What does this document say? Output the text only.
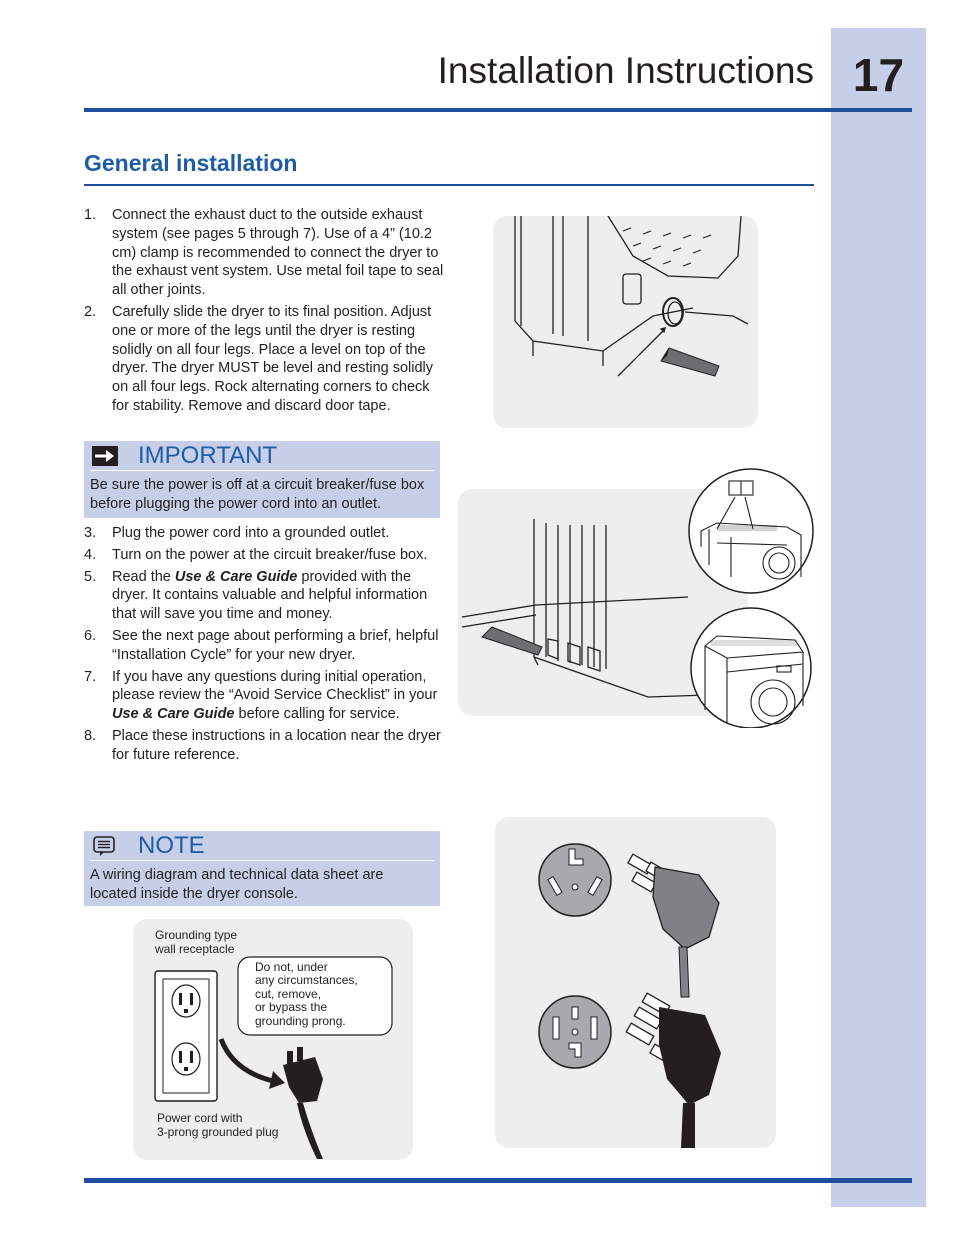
17
Installation Instructions
General installation
1. Connect the exhaust duct to the outside exhaust system (see pages 5 through 7). Use of a 4” (10.2 cm) clamp is recommended to connect the dryer to the exhaust vent system. Use metal foil tape to seal all other joints.
2. Carefully slide the dryer to its final position. Adjust one or more of the legs until the dryer is resting solidly on all four legs. Place a level on top of the dryer. The dryer MUST be level and resting solidly on all four legs. Rock alternating corners to check for stability. Remove and discard door tape.
IMPORTANT
Be sure the power is off at a circuit breaker/fuse box before plugging the power cord into an outlet.
3. Plug the power cord into a grounded outlet.
4. Turn on the power at the circuit breaker/fuse box.
5. Read the Use & Care Guide provided with the dryer. It contains valuable and helpful information that will save you time and money.
6. See the next page about performing a brief, helpful “Installation Cycle” for your new dryer.
7. If you have any questions during initial operation, please review the “Avoid Service Checklist” in your Use & Care Guide before calling for service.
8. Place these instructions in a location near the dryer for future reference.
NOTE
A wiring diagram and technical data sheet are located inside the dryer console.
Grounding type
wall receptacle
Do not, under
any circumstances,
cut, remove,
or bypass the
grounding prong.
Power cord with
3-prong grounded plug
